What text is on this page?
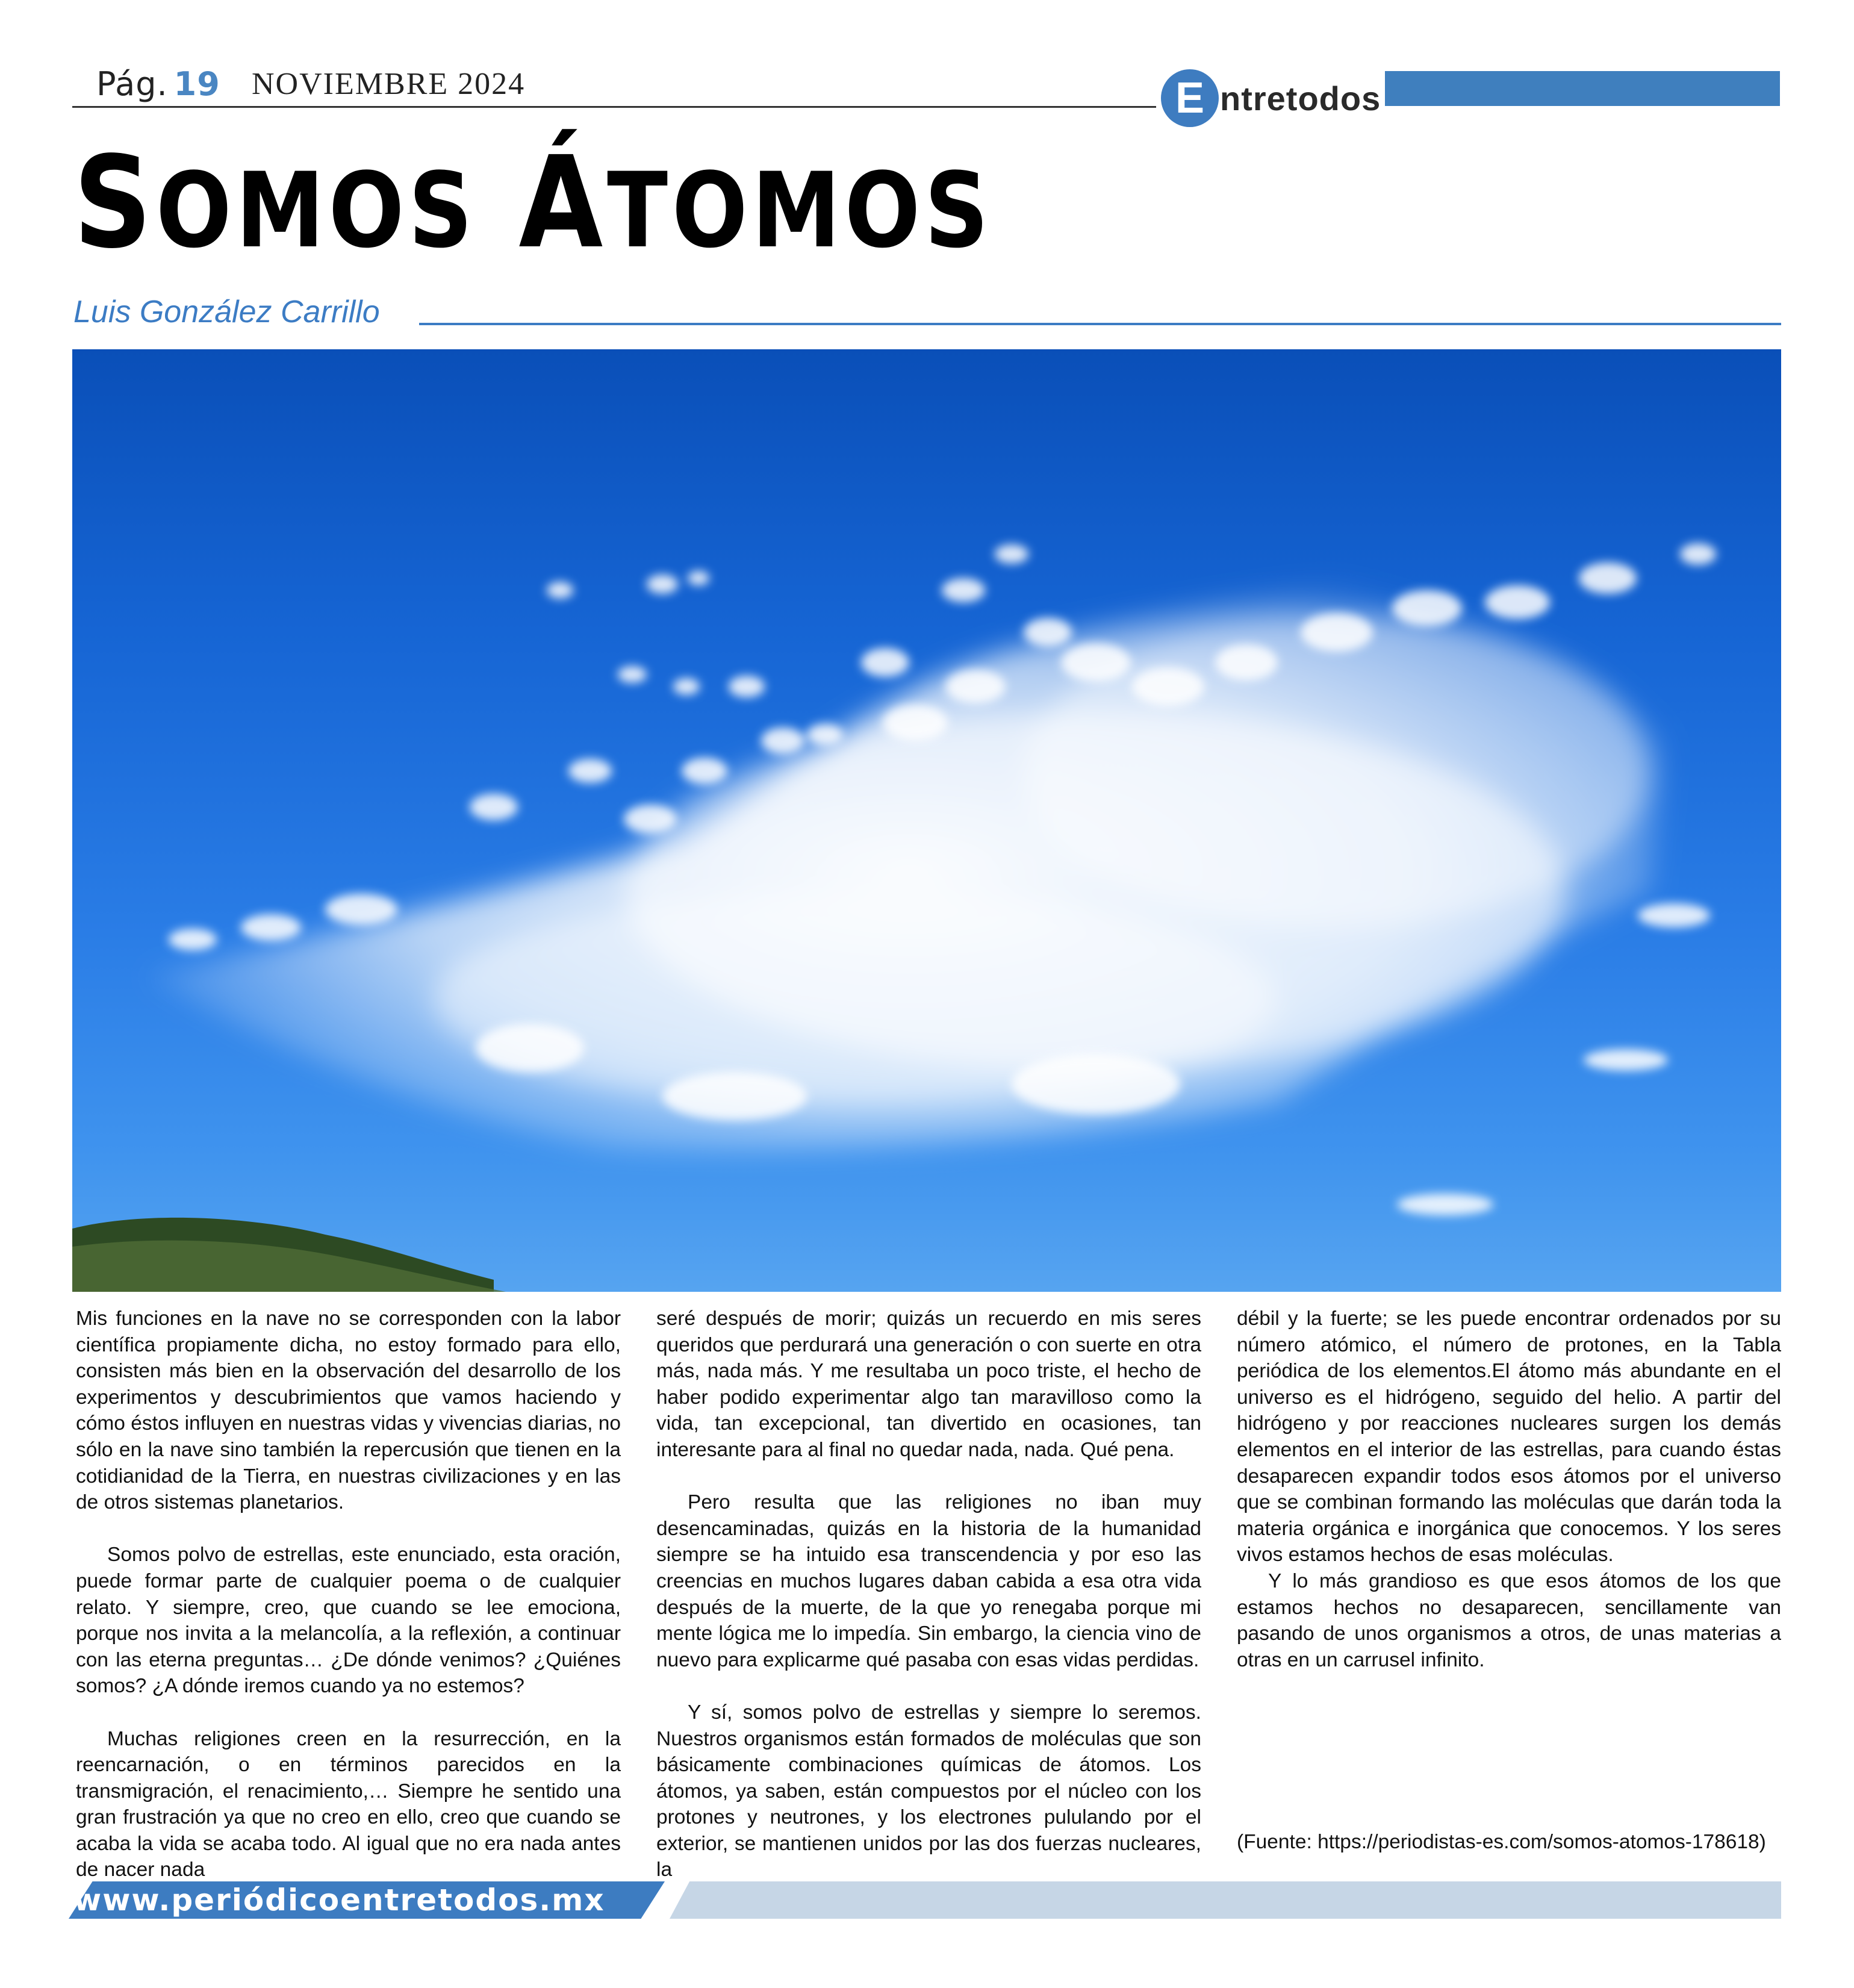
Pág. 19 NOVIEMBRE 2024	E ntretodos
SOMOS ÁTOMOS
Luis González Carrillo

Mis funciones en la nave no se corresponden con la labor científica propiamente dicha, no estoy formado para ello, consisten más bien en la observación del desarrollo de los experimentos y descubrimientos que vamos haciendo y cómo éstos influyen en nuestras vidas y vivencias diarias, no sólo en la nave sino también la repercusión que tienen en la cotidianidad de la Tierra, en nuestras civilizaciones y en las de otros sistemas planetarios.

Somos polvo de estrellas, este enunciado, esta oración, puede formar parte de cualquier poema o de cualquier relato. Y siempre, creo, que cuando se lee emociona, porque nos invita a la melancolía, a la reflexión, a continuar con las eterna preguntas… ¿De dónde venimos? ¿Quiénes somos? ¿A dónde iremos cuando ya no estemos?

Muchas religiones creen en la resurrección, en la reencarnación, o en términos parecidos en la transmigración, el renacimiento,… Siempre he sentido una gran frustración ya que no creo en ello, creo que cuando se acaba la vida se acaba todo. Al igual que no era nada antes de nacer nada

seré después de morir; quizás un recuerdo en mis seres queridos que perdurará una generación o con suerte en otra más, nada más. Y me resultaba un poco triste, el hecho de haber podido experimentar algo tan maravilloso como la vida, tan excepcional, tan divertido en ocasiones, tan interesante para al final no quedar nada, nada. Qué pena.

Pero resulta que las religiones no iban muy desencaminadas, quizás en la historia de la humanidad siempre se ha intuido esa transcendencia y por eso las creencias en muchos lugares daban cabida a esa otra vida después de la muerte, de la que yo renegaba porque mi mente lógica me lo impedía. Sin embargo, la ciencia vino de nuevo para explicarme qué pasaba con esas vidas perdidas.

Y sí, somos polvo de estrellas y siempre lo seremos. Nuestros organismos están formados de moléculas que son básicamente combinaciones químicas de átomos. Los átomos, ya saben, están compuestos por el núcleo con los protones y neutrones, y los electrones pululando por el exterior, se mantienen unidos por las dos fuerzas nucleares, la

débil y la fuerte; se les puede encontrar ordenados por su número atómico, el número de protones, en la Tabla periódica de los elementos.El átomo más abundante en el universo es el hidrógeno, seguido del helio. A partir del hidrógeno y por reacciones nucleares surgen los demás elementos en el interior de las estrellas, para cuando éstas desaparecen expandir todos esos átomos por el universo que se combinan formando las moléculas que darán toda la materia orgánica e inorgánica que conocemos. Y los seres vivos estamos hechos de esas moléculas.

Y lo más grandioso es que esos átomos de los que estamos hechos no desaparecen, sencillamente van pasando de unos organismos a otros, de unas materias a otras en un carrusel infinito.

(Fuente: https://periodistas-es.com/somos-atomos-178618)
www.periódicoentretodos.mx
